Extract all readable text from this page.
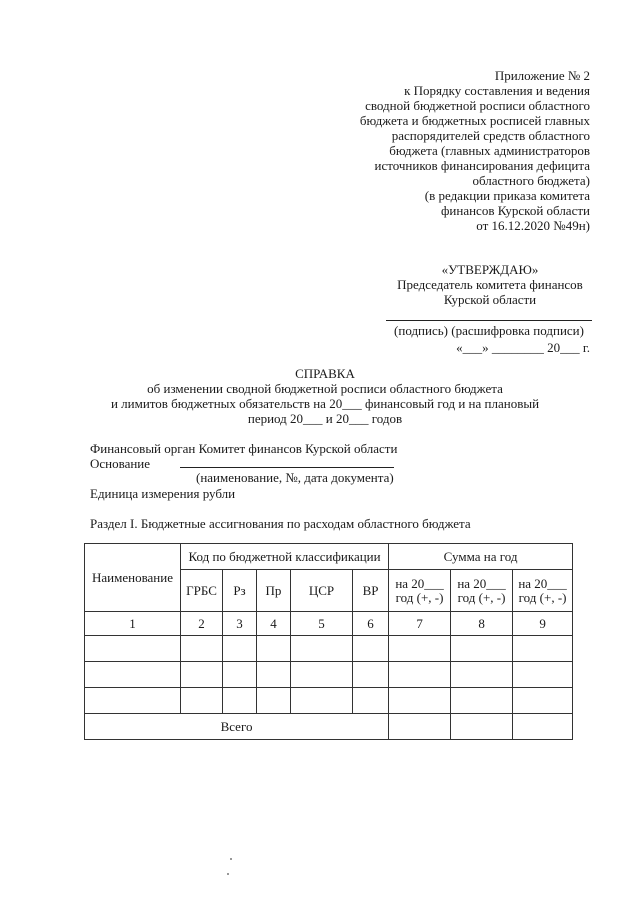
Приложение № 2
к Порядку составления и ведения
сводной бюджетной росписи областного
бюджета и бюджетных росписей главных
распорядителей средств областного
бюджета (главных администраторов
источников финансирования дефицита
областного бюджета)
(в редакции приказа комитета
финансов Курской области
от 16.12.2020 №49н)
«УТВЕРЖДАЮ»
Председатель комитета финансов
Курской области
(подпись) (расшифровка подписи)
«___» ________ 20___ г.
СПРАВКА
об изменении сводной бюджетной росписи областного бюджета
и лимитов бюджетных обязательств на 20___ финансовый год и на плановый
период 20___ и 20___ годов
Финансовый орган Комитет финансов Курской области
Основание
(наименование, №, дата документа)
Единица измерения рубли
Раздел I. Бюджетные ассигнования по расходам областного бюджета
Наименование	Код по бюджетной классификации					Сумма на год		
	ГРБС	Рз	Пр	ЦСР	ВР	на 20___ год (+, -)	на 20___ год (+, -)	на 20___ год (+, -)
1	2	3	4	5	6	7	8	9

Всего								
